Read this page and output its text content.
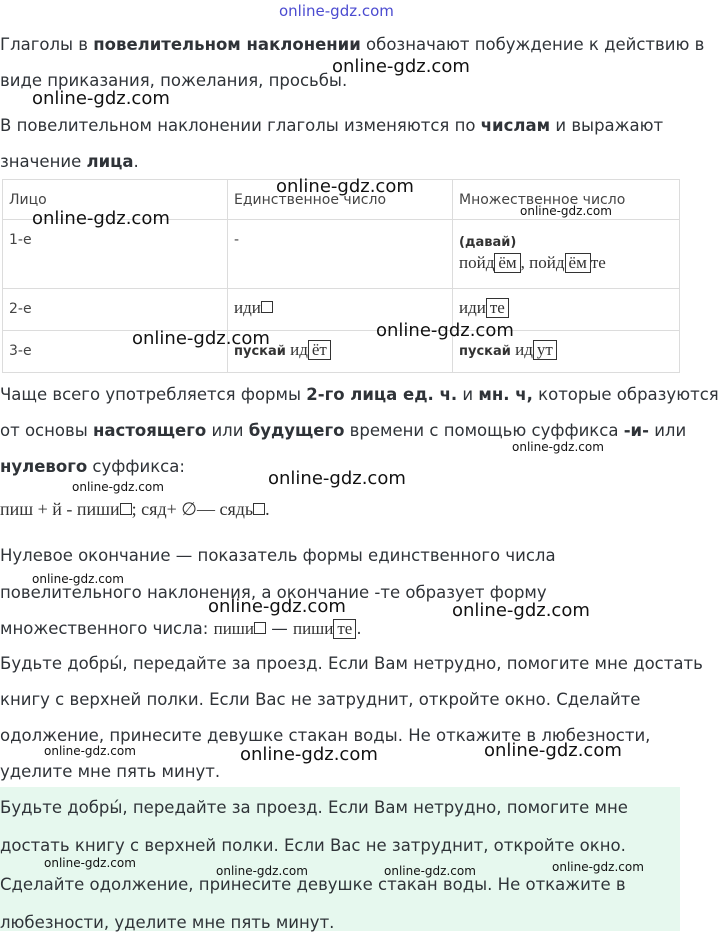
online-gdz.com
Глаголы в повелительном наклонении обозначают побуждение к действию в
виде приказания, пожелания, просьбы.
В повелительном наклонении глаголы изменяются по числам и выражают
значение лица.
Лицо	Единственное число	Множественное число

1-е	-	(давай)
пойд ём , пойд ём те

2-е	иди	иди те

3-е	пускай ид ёт	пускай ид ут
Чаще всего употребляется формы 2-го лица ед. ч. и мн. ч, которые образуются
от основы настоящего или будущего времени с помощью суффикса -и- или
нулевого суффикса:
пиш + й - пиши ; сяд+ ∅— сядь .
Нулевое окончание — показатель формы единственного числа
повелительного наклонения, а окончание -те образует форму
множественного числа: пиши — пиши те .
Будьте добры́, передайте за проезд. Если Вам нетрудно, помогите мне достать
книгу с верхней полки. Если Вас не затруднит, откройте окно. Сделайте
одолжение, принесите девушке стакан воды. Не откажите в любезности,
уделите мне пять минут.
Будьте добры́, передайте за проезд. Если Вам нетрудно, помогите мне
достать книгу с верхней полки. Если Вас не затруднит, откройте окно.
Сделайте одолжение, принесите девушке стакан воды. Не откажите в
любезности, уделите мне пять минут.
online-gdz.com
online-gdz.com
online-gdz.com
online-gdz.com	online-gdz.com
online-gdz.com
online-gdz.com
online-gdz.com
online-gdz.com
online-gdz.com
online-gdz.com
online-gdz.com	online-gdz.com
online-gdz.com	online-gdz.com	online-gdz.com
online-gdz.com
online-gdz.com	online-gdz.com	online-gdz.com
